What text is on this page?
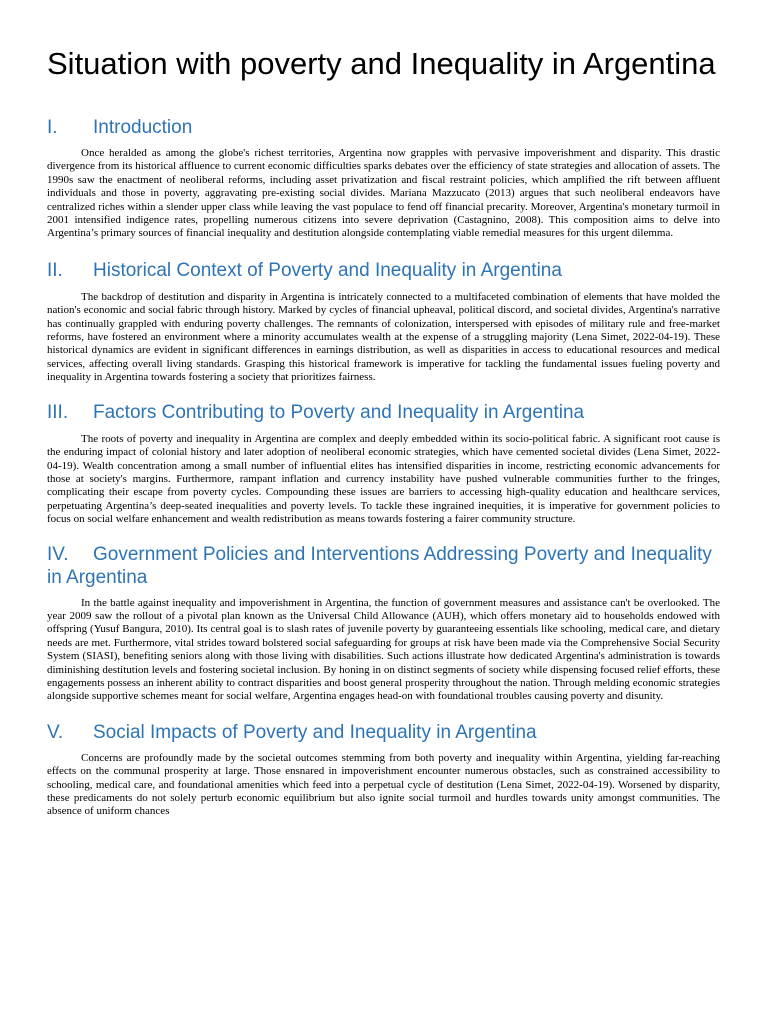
Situation with poverty and Inequality in Argentina
I. Introduction

Once heralded as among the globe's richest territories, Argentina now grapples with pervasive impoverishment and disparity. This drastic divergence from its historical affluence to current economic difficulties sparks debates over the efficiency of state strategies and allocation of assets. The 1990s saw the enactment of neoliberal reforms, including asset privatization and fiscal restraint policies, which amplified the rift between affluent individuals and those in poverty, aggravating pre-existing social divides. Mariana Mazzucato (2013) argues that such neoliberal endeavors have centralized riches within a slender upper class while leaving the vast populace to fend off financial precarity. Moreover, Argentina's monetary turmoil in 2001 intensified indigence rates, propelling numerous citizens into severe deprivation (Castagnino, 2008). This composition aims to delve into Argentina’s primary sources of financial inequality and destitution alongside contemplating viable remedial measures for this urgent dilemma.

II. Historical Context of Poverty and Inequality in Argentina

The backdrop of destitution and disparity in Argentina is intricately connected to a multifaceted combination of elements that have molded the nation's economic and social fabric through history. Marked by cycles of financial upheaval, political discord, and societal divides, Argentina's narrative has continually grappled with enduring poverty challenges. The remnants of colonization, interspersed with episodes of military rule and free-market reforms, have fostered an environment where a minority accumulates wealth at the expense of a struggling majority (Lena Simet, 2022-04-19). These historical dynamics are evident in significant differences in earnings distribution, as well as disparities in access to educational resources and medical services, affecting overall living standards. Grasping this historical framework is imperative for tackling the fundamental issues fueling poverty and inequality in Argentina towards fostering a society that prioritizes fairness.

III. Factors Contributing to Poverty and Inequality in Argentina

The roots of poverty and inequality in Argentina are complex and deeply embedded within its socio-political fabric. A significant root cause is the enduring impact of colonial history and later adoption of neoliberal economic strategies, which have cemented societal divides (Lena Simet, 2022-04-19). Wealth concentration among a small number of influential elites has intensified disparities in income, restricting economic advancements for those at society's margins. Furthermore, rampant inflation and currency instability have pushed vulnerable communities further to the fringes, complicating their escape from poverty cycles. Compounding these issues are barriers to accessing high-quality education and healthcare services, perpetuating Argentina’s deep-seated inequalities and poverty levels. To tackle these ingrained inequities, it is imperative for government policies to focus on social welfare enhancement and wealth redistribution as means towards fostering a fairer community structure.

IV. Government Policies and Interventions Addressing Poverty and Inequality in Argentina

In the battle against inequality and impoverishment in Argentina, the function of government measures and assistance can't be overlooked. The year 2009 saw the rollout of a pivotal plan known as the Universal Child Allowance (AUH), which offers monetary aid to households endowed with offspring (Yusuf Bangura, 2010). Its central goal is to slash rates of juvenile poverty by guaranteeing essentials like schooling, medical care, and dietary needs are met. Furthermore, vital strides toward bolstered social safeguarding for groups at risk have been made via the Comprehensive Social Security System (SIASI), benefiting seniors along with those living with disabilities. Such actions illustrate how dedicated Argentina's administration is towards diminishing destitution levels and fostering societal inclusion. By honing in on distinct segments of society while dispensing focused relief efforts, these engagements possess an inherent ability to contract disparities and boost general prosperity throughout the nation. Through melding economic strategies alongside supportive schemes meant for social welfare, Argentina engages head-on with foundational troubles causing poverty and disunity.

V. Social Impacts of Poverty and Inequality in Argentina

Concerns are profoundly made by the societal outcomes stemming from both poverty and inequality within Argentina, yielding far-reaching effects on the communal prosperity at large. Those ensnared in impoverishment encounter numerous obstacles, such as constrained accessibility to schooling, medical care, and foundational amenities which feed into a perpetual cycle of destitution (Lena Simet, 2022-04-19). Worsened by disparity, these predicaments do not solely perturb economic equilibrium but also ignite social turmoil and hurdles towards unity amongst communities. The absence of uniform chances
